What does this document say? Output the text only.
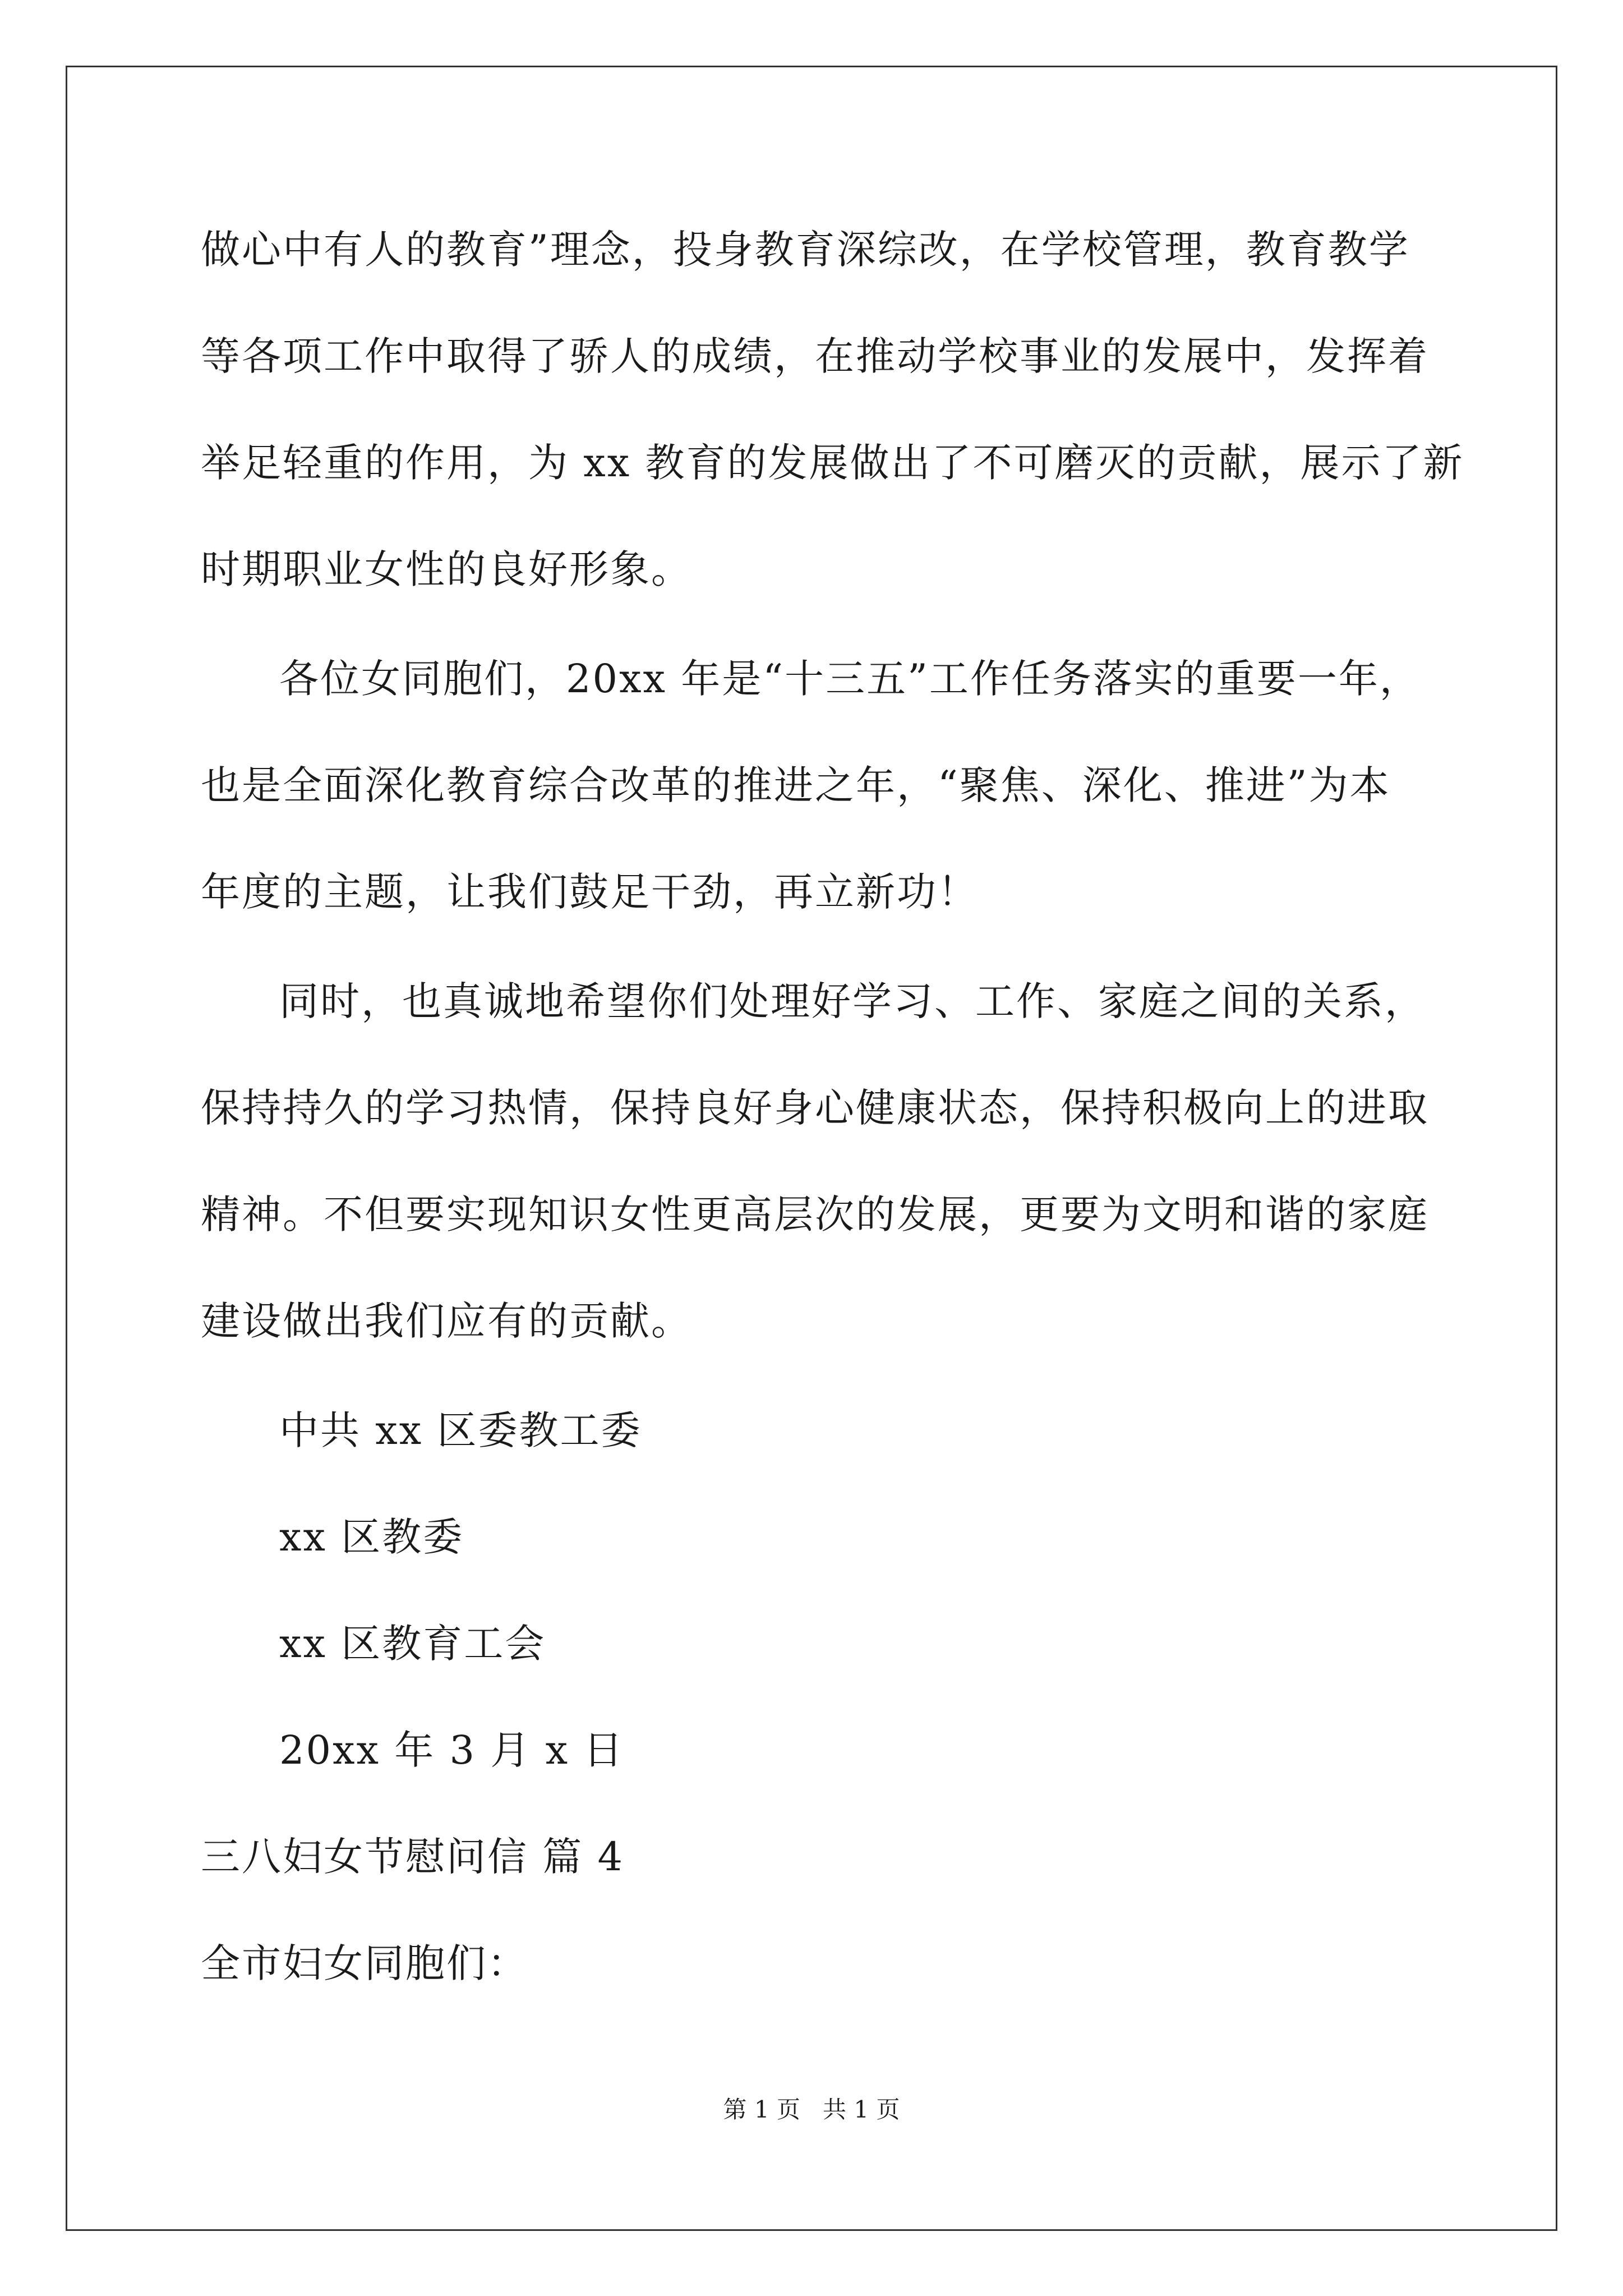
做心中有人的教育”理念，投身教育深综改，在学校管理，教育教学
等各项工作中取得了骄人的成绩，在推动学校事业的发展中，发挥着
举足轻重的作用，为 xx 教育的发展做出了不可磨灭的贡献，展示了新
时期职业女性的良好形象。
各位女同胞们，20xx 年是“十三五”工作任务落实的重要一年，
也是全面深化教育综合改革的推进之年，“聚焦、深化、推进”为本
年度的主题，让我们鼓足干劲，再立新功！
同时，也真诚地希望你们处理好学习、工作、家庭之间的关系，
保持持久的学习热情，保持良好身心健康状态，保持积极向上的进取
精神。不但要实现知识女性更高层次的发展，更要为文明和谐的家庭
建设做出我们应有的贡献。
中共 xx 区委教工委
xx 区教委
xx 区教育工会
20xx 年 3 月 x 日
三八妇女节慰问信 篇 4
全市妇女同胞们：
第 1 页   共 1 页
